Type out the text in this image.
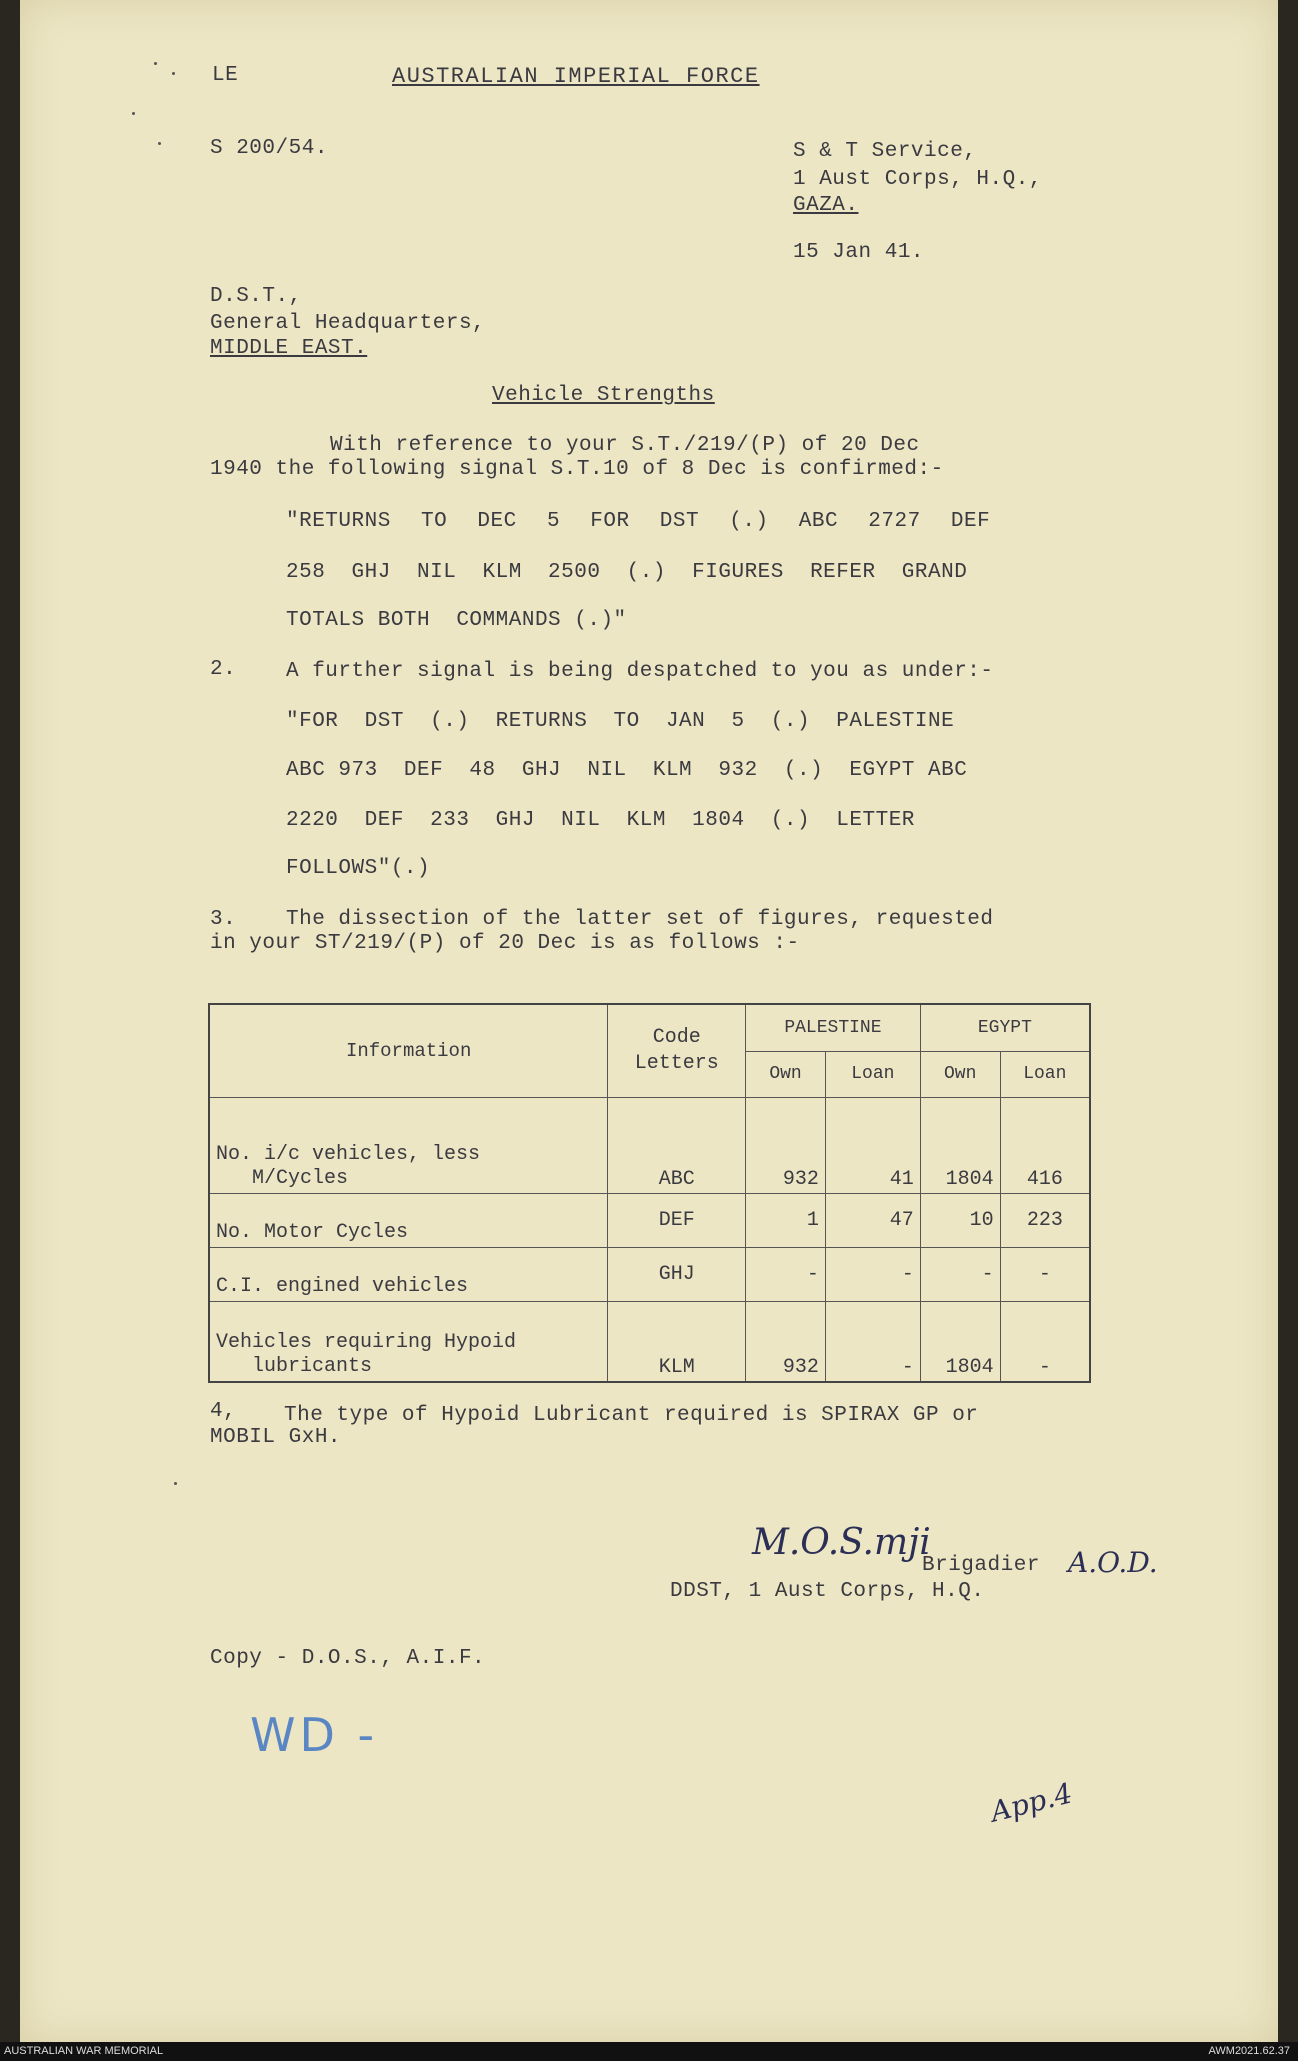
LE	AUSTRALIAN IMPERIAL FORCE
S 200/54.	S & T Service,
1 Aust Corps, H.Q.,
GAZA.
15 Jan 41.
D.S.T.,
General Headquarters,
MIDDLE EAST.
Vehicle Strengths
With reference to your S.T./219/(P) of 20 Dec
1940 the following signal S.T.10 of 8 Dec is confirmed:-
"RETURNS  TO  DEC  5  FOR  DST  (.)  ABC  2727  DEF
258  GHJ  NIL  KLM  2500  (.)  FIGURES  REFER  GRAND
TOTALS BOTH  COMMANDS (.)"
2. A further signal is being despatched to you as under:-
"FOR  DST  (.)  RETURNS  TO  JAN  5  (.)  PALESTINE
ABC 973  DEF  48  GHJ  NIL  KLM  932  (.)  EGYPT ABC
2220  DEF  233  GHJ  NIL  KLM  1804  (.)  LETTER
FOLLOWS"(.)
3. The dissection of the latter set of figures, requested
in your ST/219/(P) of 20 Dec is as follows :-
Information	Code
Letters	PALESTINE		EGYPT	
		Own	Loan	Own	Loan
No. i/c vehicles, less
M/Cycles	ABC	932	41	1804	416
No. Motor Cycles	DEF	1	47	10	223
C.I. engined vehicles	GHJ	-	-	-	-
Vehicles requiring Hypoid
lubricants	KLM	932	-	1804	-
4, The type of Hypoid Lubricant required is SPIRAX GP or
MOBIL GxH.
M.O.S.mji
Brigadier A.O.D.
DDST, 1 Aust Corps, H.Q.
Copy - D.O.S., A.I.F.
WD -
App.4
AUSTRALIAN WAR MEMORIAL	AWM2021.62.37
